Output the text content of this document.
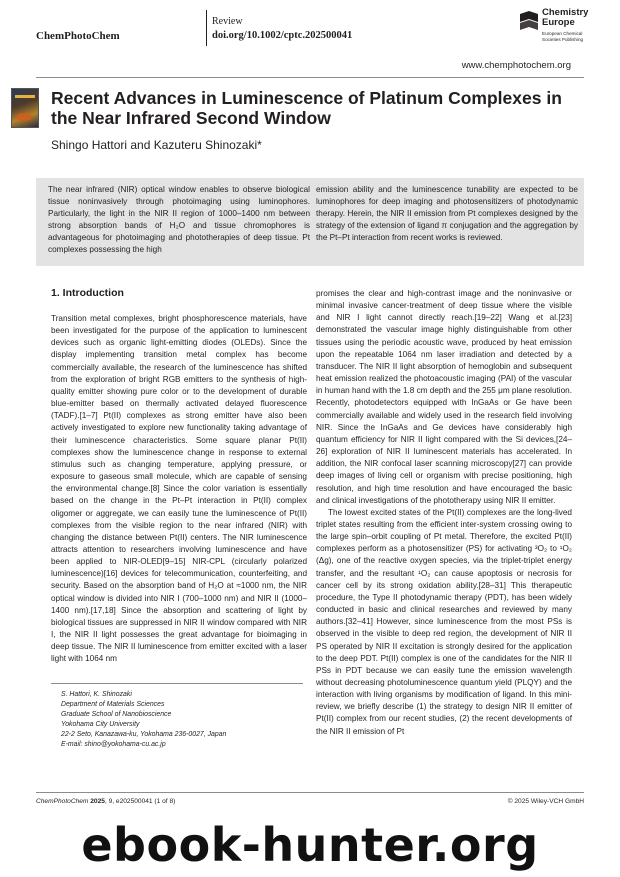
ChemPhotoChem
Review
doi.org/10.1002/cptc.202500041
Chemistry
Europe
European Chemical
Societies Publishing
www.chemphotochem.org
Recent Advances in Luminescence of Platinum Complexes in the Near Infrared Second Window
Shingo Hattori and Kazuteru Shinozaki*
The near infrared (NIR) optical window enables to observe biological tissue noninvasively through photoimaging using luminophores. Particularly, the light in the NIR II region of 1000–1400 nm between strong absorption bands of H₂O and tissue chromophores is advantageous for photoimaging and phototherapies of deep tissue. Pt complexes possessing the high
emission ability and the luminescence tunability are expected to be luminophores for deep imaging and photosensitizers of photodynamic therapy. Herein, the NIR II emission from Pt complexes designed by the strategy of the extension of ligand π conjugation and the aggregation by the Pt–Pt interaction from recent works is reviewed.
1. Introduction

Transition metal complexes, bright phosphorescence materials, have been investigated for the purpose of the application to luminescent devices such as organic light-emitting diodes (OLEDs). Since the display implementing transition metal complex has become commercially available, the research of the luminescence has shifted from the exploration of bright RGB emitters to the synthesis of high-quality emitter showing pure color or to the development of durable blue-emitter based on thermally activated delayed fluorescence (TADF).[1–7] Pt(II) complexes as strong emitter have also been actively investigated to explore new functionality taking advantage of their luminescence characteristics. Some square planar Pt(II) complexes show the luminescence change in response to external stimulus such as changing temperature, applying pressure, or exposure to gaseous small molecule, which are capable of sensing the environmental change.[8] Since the color variation is essentially based on the change in the Pt–Pt interaction in Pt(II) complex oligomer or aggregate, we can easily tune the luminescence of Pt(II) complexes from the visible region to the near infrared (NIR) with changing the distance between Pt(II) centers. The NIR luminescence attracts attention to researchers involving luminescence and have been applied to NIR-OLED[9–15] NIR-CPL (circularly polarized luminescence)[16] devices for telecommunication, counterfeiting, and security. Based on the absorption band of H₂O at ≈1000 nm, the NIR optical window is divided into NIR I (700–1000 nm) and NIR II (1000–1400 nm).[17,18] Since the absorption and scattering of light by biological tissues are suppressed in NIR II window compared with NIR I, the NIR II light possesses the great advantage for bioimaging in deep tissue. The NIR II luminescence from emitter excited with a laser light with 1064 nm

promises the clear and high-contrast image and the noninvasive or minimal invasive cancer-treatment of deep tissue where the visible and NIR I light cannot directly reach.[19–22] Wang et al.[23] demonstrated the vascular image highly distinguishable from other tissues using the periodic acoustic wave, produced by heat emission upon the repeatable 1064 nm laser irradiation and detected by a transducer. The NIR II light absorption of hemoglobin and subsequent heat emission realized the photoacoustic imaging (PAI) of the vascular in human hand with the 1.8 cm depth and the 255 μm plane resolution. Recently, photodetectors equipped with InGaAs or Ge have been commercially available and widely used in the research field involving NIR. Since the InGaAs and Ge devices have considerably high quantum efficiency for NIR II light compared with the Si devices,[24–26] exploration of NIR II luminescent materials has accelerated. In addition, the NIR confocal laser scanning microscopy[27] can provide deep images of living cell or organism with precise positioning, high resolution, and high time resolution and have encouraged the basic and clinical investigations of the phototherapy using NIR II emitter.

The lowest excited states of the Pt(II) complexes are the long-lived triplet states resulting from the efficient inter-system crossing owing to the large spin–orbit coupling of Pt metal. Therefore, the excited Pt(II) complexes perform as a photosensitizer (PS) for activating ³O₂ to ¹O₂ (Δg), one of the reactive oxygen species, via the triplet-triplet energy transfer, and the resultant ¹O₂ can cause apoptosis or necrosis for cancer cell by its strong oxidation ability.[28–31] This therapeutic procedure, the Type II photodynamic therapy (PDT), has been widely conducted in basic and clinical researches and reviewed by many authors.[32–41] However, since luminescence from the most PSs is observed in the visible to deep red region, the development of NIR II PS operated by NIR II excitation is strongly desired for the application to the deep PDT. Pt(II) complex is one of the candidates for the NIR II PSs in PDT because we can easily tune the emission wavelength without decreasing photoluminescence quantum yield (PLQY) and the interaction with living organisms by modification of ligand. In this mini-review, we briefly describe (1) the strategy to design NIR II emitter of Pt(II) complex from our recent studies, (2) the recent developments of the NIR II emission of Pt

S. Hattori, K. Shinozaki
Department of Materials Sciences
Graduate School of Nanobioscience
Yokohama City University
22-2 Seto, Kanazawa-ku, Yokohama 236-0027, Japan
E-mail: shino@yokohama-cu.ac.jp
ChemPhotoChem 2025, 9, e202500041 (1 of 8)	© 2025 Wiley-VCH GmbH
ebook-hunter.org
